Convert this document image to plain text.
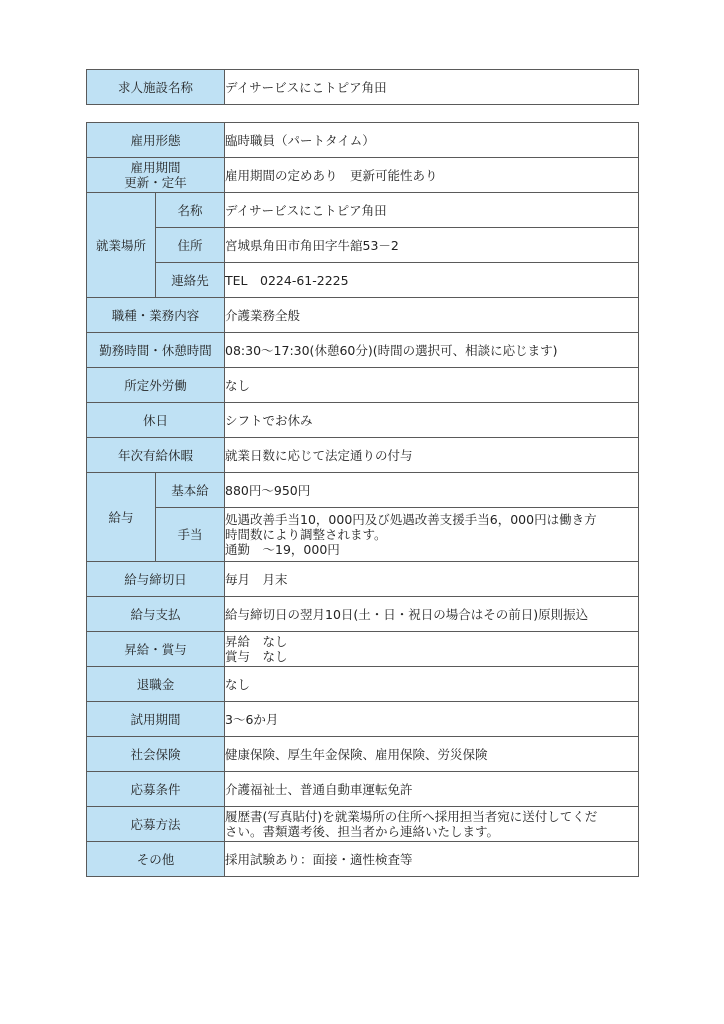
求人施設名称	デイサービスにこトピア角田
雇用形態		臨時職員（パートタイム）

雇用期間
更新・定年		雇用期間の定めあり　更新可能性あり
就業場所	名称	デイサービスにこトピア角田
	住所	宮城県角田市角田字牛舘53－2
	連絡先	TEL　0224-61-2225
職種・業務内容		介護業務全般
勤務時間・休憩時間		08:30～17:30(休憩60分)(時間の選択可、相談に応じます)
所定外労働		なし
休日		シフトでお休み
年次有給休暇		就業日数に応じて法定通りの付与
給与	基本給	880円～950円
	手当	処遇改善手当10，000円及び処遇改善支援手当6，000円は働き方
時間数により調整されます。
通勤　～19，000円

給与締切日		毎月　月末
給与支払		給与締切日の翌月10日(土・日・祝日の場合はその前日)原則振込
昇給・賞与		昇給　なし
賞与　なし

退職金		なし
試用期間		3～6か月
社会保険		健康保険、厚生年金保険、雇用保険、労災保険
応募条件		介護福祉士、普通自動車運転免許
応募方法		履歴書(写真貼付)を就業場所の住所へ採用担当者宛に送付してくだ
さい。書類選考後、担当者から連絡いたします。

その他		採用試験あり：面接・適性検査等
